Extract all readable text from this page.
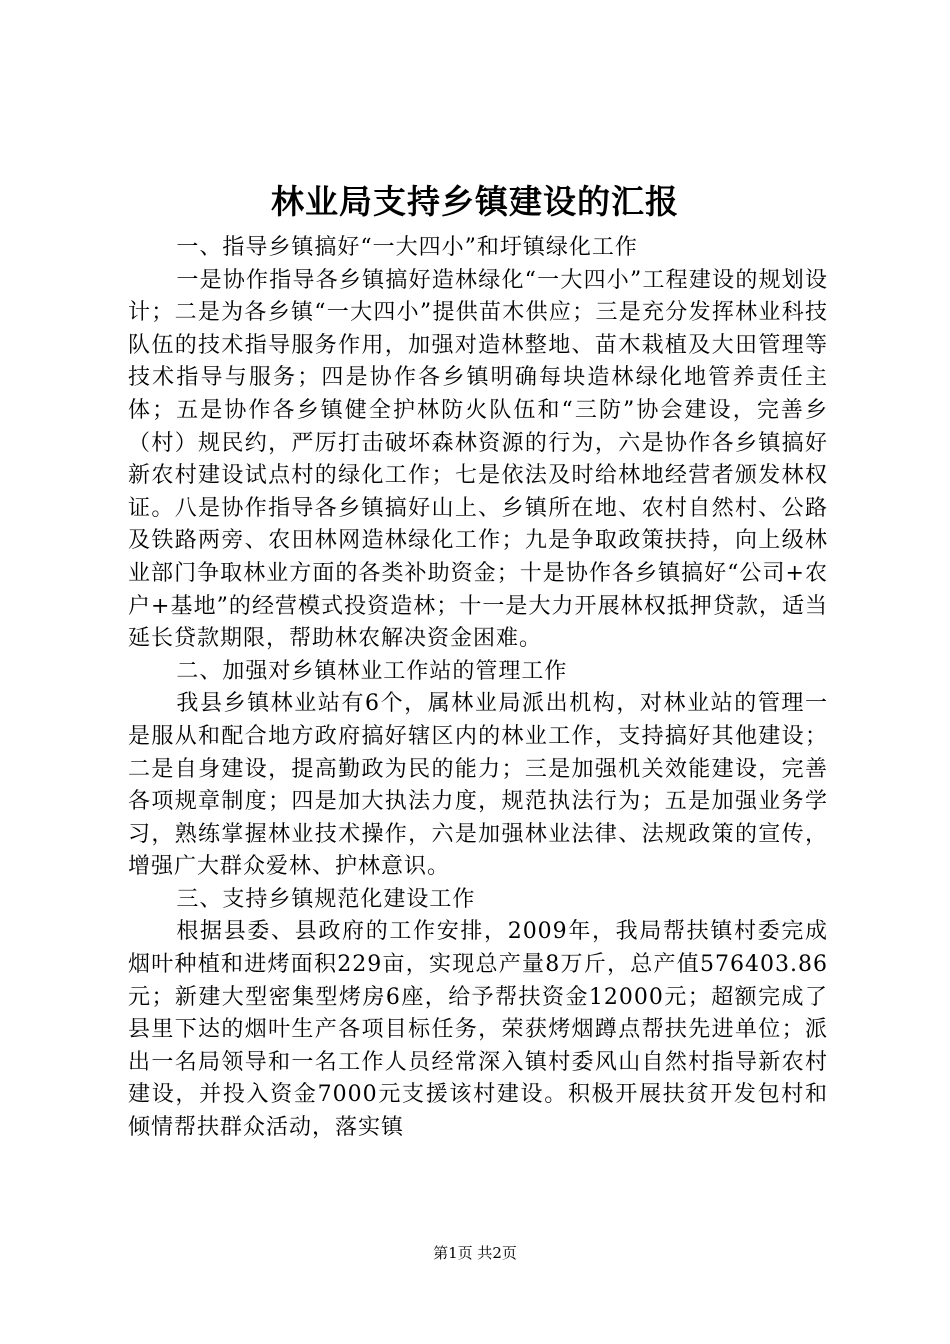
林业局支持乡镇建设的汇报

一、指导乡镇搞好“一大四小”和圩镇绿化工作

一是协作指导各乡镇搞好造林绿化“一大四小”工程建设的规划设计；二是为各乡镇“一大四小”提供苗木供应；三是充分发挥林业科技队伍的技术指导服务作用，加强对造林整地、苗木栽植及大田管理等技术指导与服务；四是协作各乡镇明确每块造林绿化地管养责任主体；五是协作各乡镇健全护林防火队伍和“三防”协会建设，完善乡（村）规民约，严厉打击破坏森林资源的行为，六是协作各乡镇搞好新农村建设试点村的绿化工作；七是依法及时给林地经营者颁发林权证。八是协作指导各乡镇搞好山上、乡镇所在地、农村自然村、公路及铁路两旁、农田林网造林绿化工作；九是争取政策扶持，向上级林业部门争取林业方面的各类补助资金；十是协作各乡镇搞好“公司+农户+基地”的经营模式投资造林；十一是大力开展林权抵押贷款，适当延长贷款期限，帮助林农解决资金困难。

二、加强对乡镇林业工作站的管理工作

我县乡镇林业站有6个，属林业局派出机构，对林业站的管理一是服从和配合地方政府搞好辖区内的林业工作，支持搞好其他建设；二是自身建设，提高勤政为民的能力；三是加强机关效能建设，完善各项规章制度；四是加大执法力度，规范执法行为；五是加强业务学习，熟练掌握林业技术操作，六是加强林业法律、法规政策的宣传，增强广大群众爱林、护林意识。

三、支持乡镇规范化建设工作

根据县委、县政府的工作安排，2009年，我局帮扶镇村委完成烟叶种植和进烤面积229亩，实现总产量8万斤，总产值576403.86元；新建大型密集型烤房6座，给予帮扶资金12000元；超额完成了县里下达的烟叶生产各项目标任务，荣获烤烟蹲点帮扶先进单位；派出一名局领导和一名工作人员经常深入镇村委风山自然村指导新农村建设，并投入资金7000元支援该村建设。积极开展扶贫开发包村和倾情帮扶群众活动，落实镇

第1页 共2页
